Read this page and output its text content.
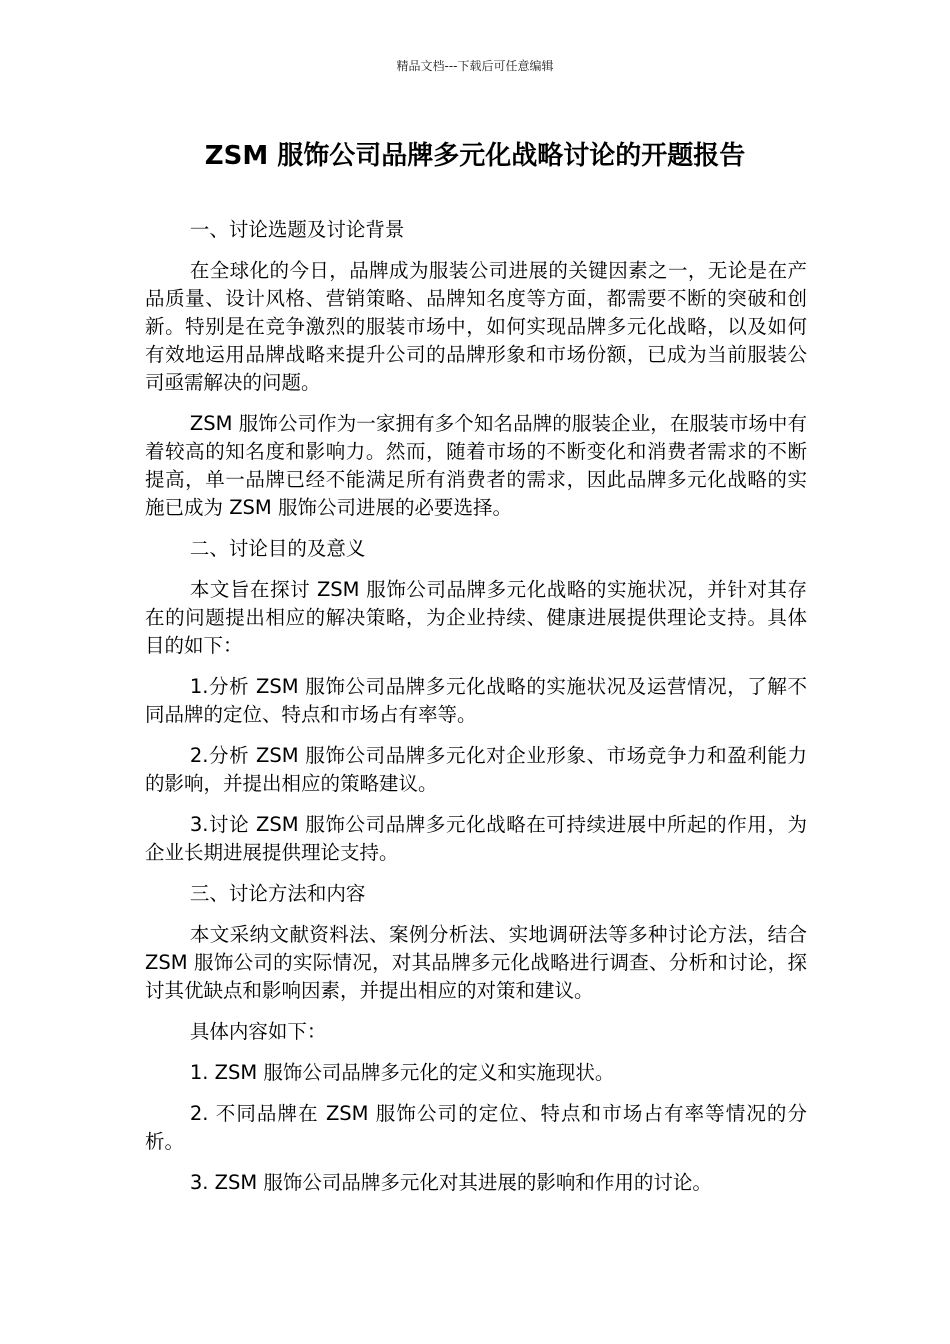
精品文档---下载后可任意编辑
ZSM 服饰公司品牌多元化战略讨论的开题报告

一、讨论选题及讨论背景

在全球化的今日，品牌成为服装公司进展的关键因素之一，无论是在产品质量、设计风格、营销策略、品牌知名度等方面，都需要不断的突破和创新。特别是在竞争激烈的服装市场中，如何实现品牌多元化战略，以及如何有效地运用品牌战略来提升公司的品牌形象和市场份额，已成为当前服装公司亟需解决的问题。

ZSM 服饰公司作为一家拥有多个知名品牌的服装企业，在服装市场中有着较高的知名度和影响力。然而，随着市场的不断变化和消费者需求的不断提高，单一品牌已经不能满足所有消费者的需求，因此品牌多元化战略的实施已成为 ZSM 服饰公司进展的必要选择。

二、讨论目的及意义

本文旨在探讨 ZSM 服饰公司品牌多元化战略的实施状况，并针对其存在的问题提出相应的解决策略，为企业持续、健康进展提供理论支持。具体目的如下：

1.分析 ZSM 服饰公司品牌多元化战略的实施状况及运营情况，了解不同品牌的定位、特点和市场占有率等。

2.分析 ZSM 服饰公司品牌多元化对企业形象、市场竞争力和盈利能力的影响，并提出相应的策略建议。

3.讨论 ZSM 服饰公司品牌多元化战略在可持续进展中所起的作用，为企业长期进展提供理论支持。

三、讨论方法和内容

本文采纳文献资料法、案例分析法、实地调研法等多种讨论方法，结合 ZSM 服饰公司的实际情况，对其品牌多元化战略进行调查、分析和讨论，探讨其优缺点和影响因素，并提出相应的对策和建议。

具体内容如下：

1. ZSM 服饰公司品牌多元化的定义和实施现状。

2. 不同品牌在 ZSM 服饰公司的定位、特点和市场占有率等情况的分析。

3. ZSM 服饰公司品牌多元化对其进展的影响和作用的讨论。
